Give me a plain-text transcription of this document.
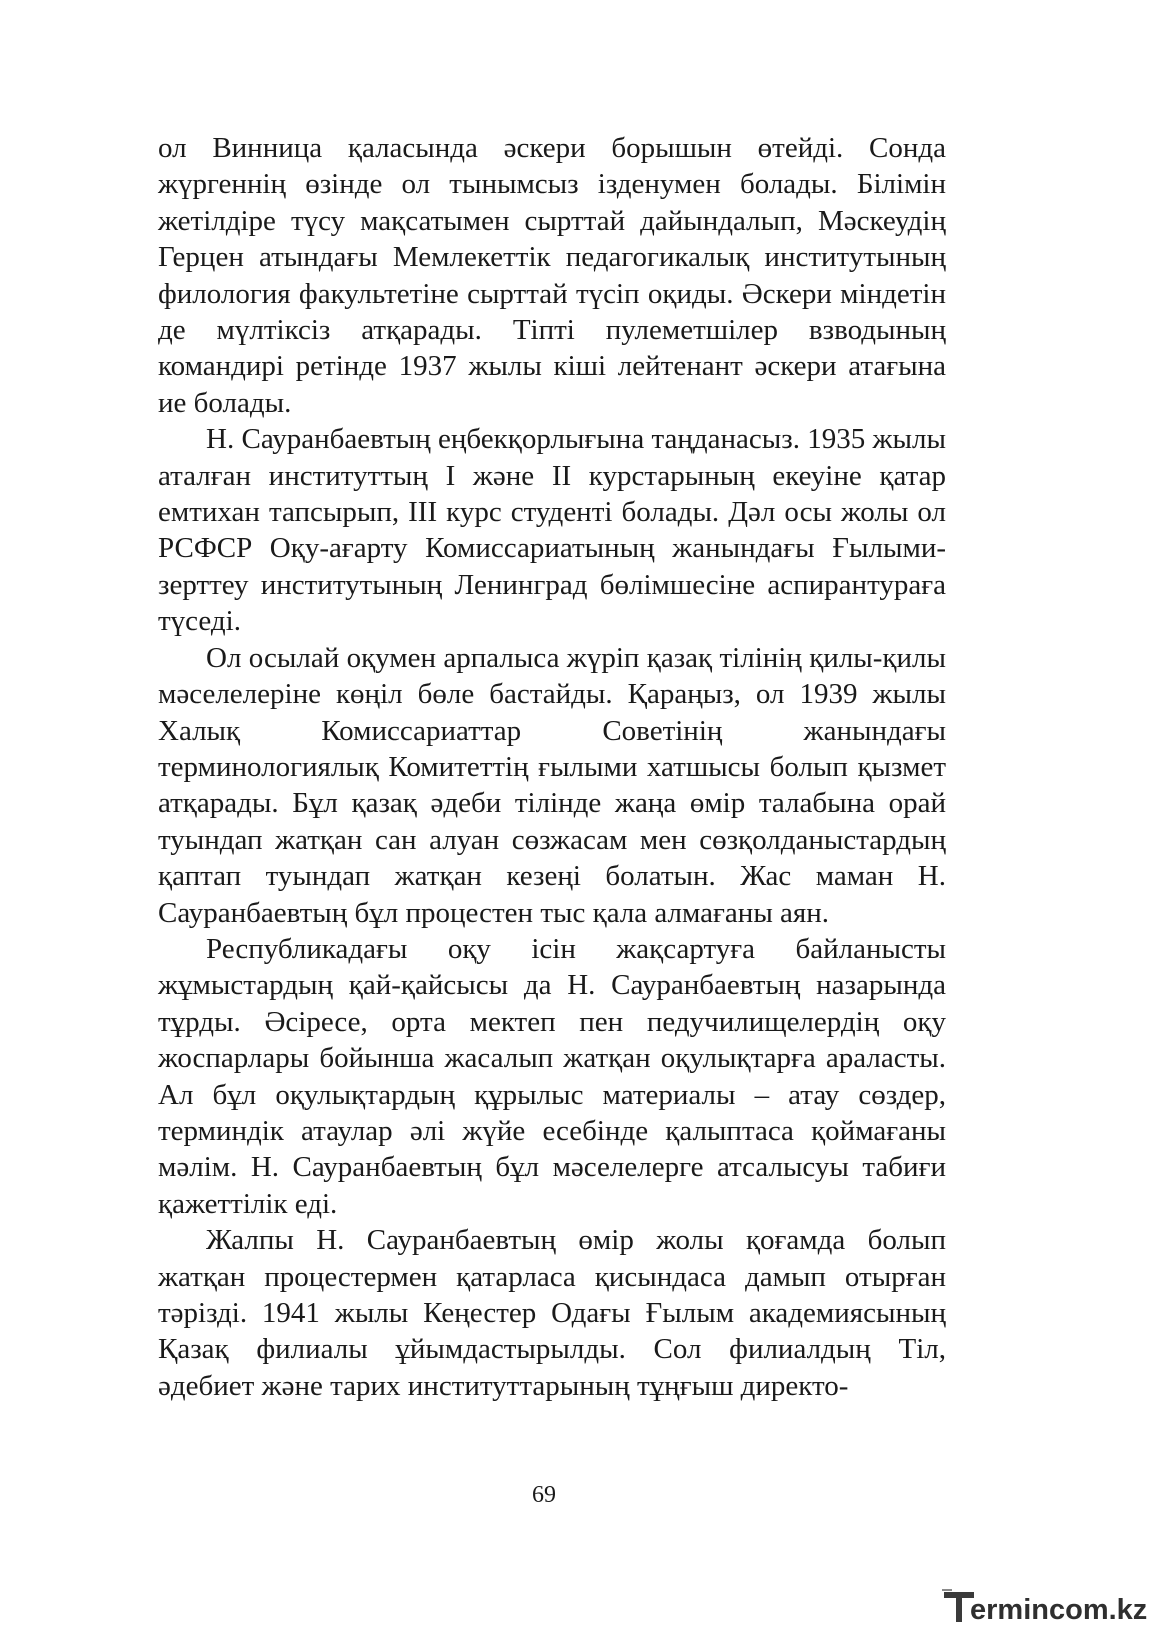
ол Винница қаласында әскери борышын өтейді. Сонда жүргеннің өзінде ол тынымсыз ізденумен болады. Білімін жетілдіре түсу мақсатымен сырттай дайындалып, Мәскеудің Герцен атындағы Мемлекеттік педагогикалық институтының филология факультетіне сырттай түсіп оқиды. Әскери міндетін де мүлтіксіз атқарады. Тіпті пулеметшілер взводының командирі ретінде 1937 жылы кіші лейтенант әскери атағына ие болады.

Н. Сауранбаевтың еңбекқорлығына таңданасыз. 1935 жылы аталған институттың I және II курстарының екеуіне қатар емтихан тапсырып, III курс студенті болады. Дәл осы жолы ол РСФСР Оқу-ағарту Комиссариатының жанындағы Ғылыми-зерттеу институтының Ленинград бөлімшесіне аспирантураға түседі.

Ол осылай оқумен арпалыса жүріп қазақ тілінің қилы-қилы мәселелеріне көңіл бөле бастайды. Қараңыз, ол 1939 жылы Халық Комиссариаттар Советінің жанындағы терминологиялық Комитеттің ғылыми хатшысы болып қызмет атқарады. Бұл қазақ әдеби тілінде жаңа өмір талабына орай туындап жатқан сан алуан сөзжасам мен сөзқолданыстардың қаптап туындап жатқан кезеңі болатын. Жас маман Н. Сауранбаевтың бұл процестен тыс қала алмағаны аян.

Республикадағы оқу ісін жақсартуға байланысты жұмыстардың қай-қайсысы да Н. Сауранбаевтың назарында тұрды. Әсіресе, орта мектеп пен педучилищелердің оқу жоспарлары бойынша жасалып жатқан оқулықтарға араласты. Ал бұл оқулықтардың құрылыс материалы – атау сөздер, терминдік атаулар әлі жүйе есебінде қалыптаса қоймағаны мәлім. Н. Сауранбаевтың бұл мәселелерге атсалысуы табиғи қажеттілік еді.

Жалпы Н. Сауранбаевтың өмір жолы қоғамда болып жатқан процестермен қатарласа қисындаса дамып отырған тәрізді. 1941 жылы Кеңестер Одағы Ғылым академиясының Қазақ филиалы ұйымдастырылды. Сол филиалдың Тіл, әдебиет және тарих институттарының тұңғыш директо-

69
ermincom.kz
